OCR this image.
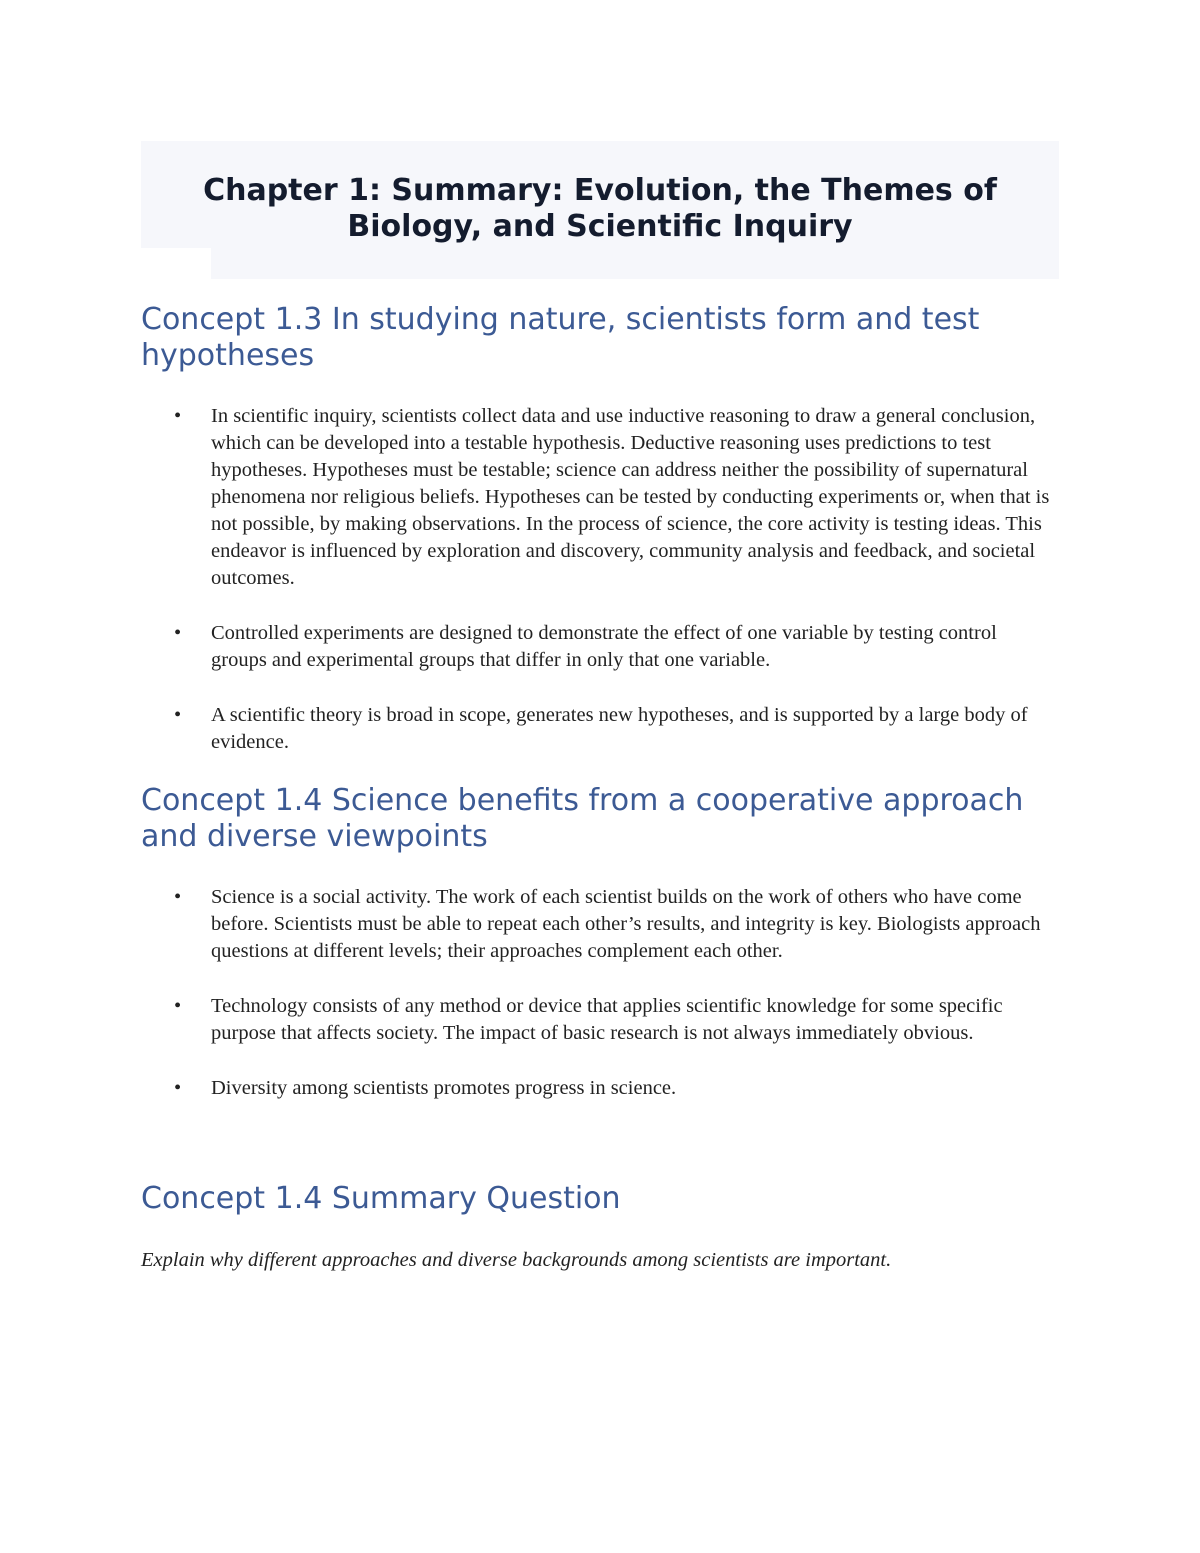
Chapter 1: Summary: Evolution, the Themes of Biology, and Scientific Inquiry
Concept 1.3 In studying nature, scientists form and test hypotheses
• In scientific inquiry, scientists collect data and use inductive reasoning to draw a general conclusion, which can be developed into a testable hypothesis. Deductive reasoning uses predictions to test hypotheses. Hypotheses must be testable; science can address neither the possibility of supernatural phenomena nor religious beliefs. Hypotheses can be tested by conducting experiments or, when that is not possible, by making observations. In the process of science, the core activity is testing ideas. This endeavor is influenced by exploration and discovery, community analysis and feedback, and societal outcomes.
• Controlled experiments are designed to demonstrate the effect of one variable by testing control groups and experimental groups that differ in only that one variable.
• A scientific theory is broad in scope, generates new hypotheses, and is supported by a large body of evidence.
Concept 1.4 Science benefits from a cooperative approach and diverse viewpoints
• Science is a social activity. The work of each scientist builds on the work of others who have come before. Scientists must be able to repeat each other’s results, and integrity is key. Biologists approach questions at different levels; their approaches complement each other.
• Technology consists of any method or device that applies scientific knowledge for some specific purpose that affects society. The impact of basic research is not always immediately obvious.
• Diversity among scientists promotes progress in science.
Concept 1.4 Summary Question

Explain why different approaches and diverse backgrounds among scientists are important.
